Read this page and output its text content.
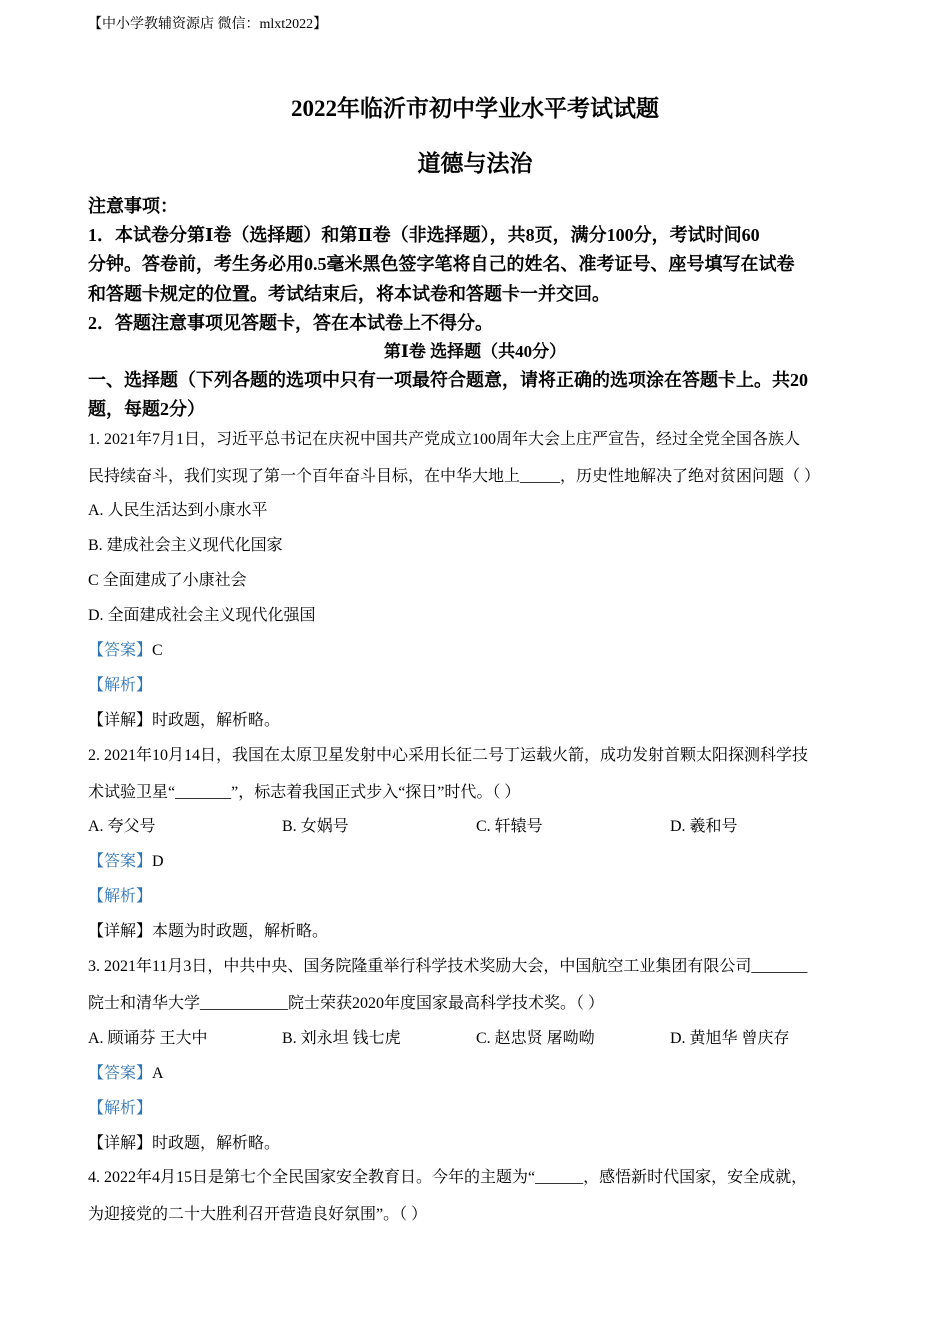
【中小学教辅资源店 微信：mlxt2022】
2022年临沂市初中学业水平考试试题
道德与法治
注意事项：
1．本试卷分第Ⅰ卷（选择题）和第Ⅱ卷（非选择题），共8页，满分100分，考试时间60
分钟。答卷前，考生务必用0.5毫米黑色签字笔将自己的姓名、准考证号、座号填写在试卷
和答题卡规定的位置。考试结束后，将本试卷和答题卡一并交回。
2．答题注意事项见答题卡，答在本试卷上不得分。
第Ⅰ卷 选择题（共40分）
一、选择题（下列各题的选项中只有一项最符合题意，请将正确的选项涂在答题卡上。共20
题，每题2分）
1. 2021年7月1日，习近平总书记在庆祝中国共产党成立100周年大会上庄严宣告，经过全党全国各族人
民持续奋斗，我们实现了第一个百年奋斗目标，在中华大地上_____，历史性地解决了绝对贫困问题（ ）
A. 人民生活达到小康水平
B. 建成社会主义现代化国家
C 全面建成了小康社会
D. 全面建成社会主义现代化强国
【答案】C
【解析】
【详解】时政题，解析略。
2. 2021年10月14日，我国在太原卫星发射中心采用长征二号丁运载火箭，成功发射首颗太阳探测科学技
术试验卫星“_______”，标志着我国正式步入“探日”时代。（ ）
A. 夸父号	B. 女娲号	C. 轩辕号	D. 羲和号
【答案】D
【解析】
【详解】本题为时政题，解析略。
3. 2021年11月3日，中共中央、国务院隆重举行科学技术奖励大会，中国航空工业集团有限公司_______
院士和清华大学___________院士荣获2020年度国家最高科学技术奖。（ ）
A. 顾诵芬 王大中	B. 刘永坦 钱七虎	C. 赵忠贤 屠呦呦	D. 黄旭华 曾庆存
【答案】A
【解析】
【详解】时政题，解析略。
4. 2022年4月15日是第七个全民国家安全教育日。今年的主题为“______，感悟新时代国家，安全成就，
为迎接党的二十大胜利召开营造良好氛围”。（ ）
